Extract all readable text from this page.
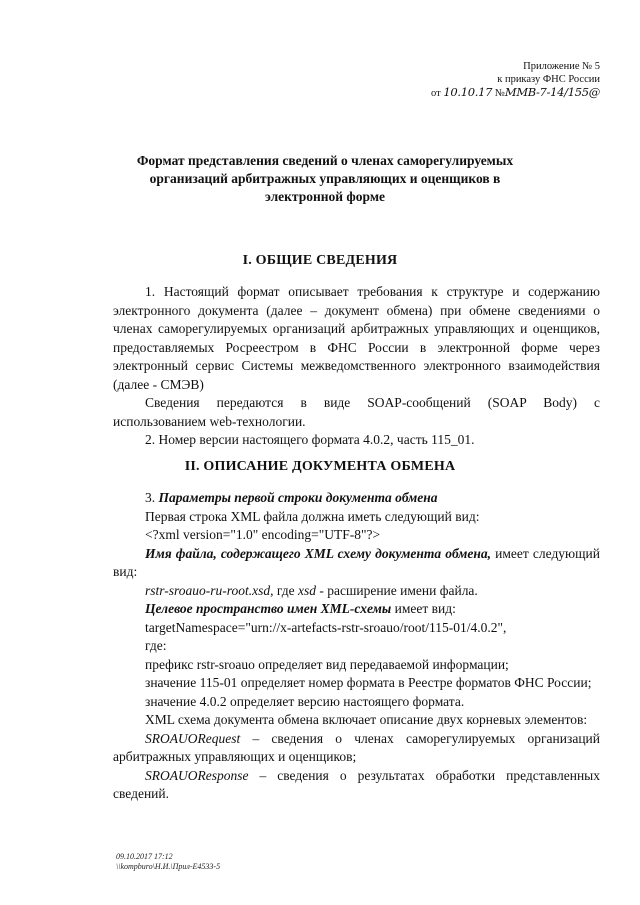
Приложение № 5
к приказу ФНС России
от 10.10.17 №ММВ-7-14/155@
Формат представления сведений о членах саморегулируемых
организаций арбитражных управляющих и оценщиков в
электронной форме
I. ОБЩИЕ СВЕДЕНИЯ

1. Настоящий формат описывает требования к структуре и содержанию электронного документа (далее – документ обмена) при обмене сведениями о членах саморегулируемых организаций арбитражных управляющих и оценщиков, предоставляемых Росреестром в ФНС России в электронной форме через электронный сервис Системы межведомственного электронного взаимодействия (далее - СМЭВ)

Сведения передаются в виде SOAP-сообщений (SOAP Body) с использованием web-технологии.

2. Номер версии настоящего формата 4.0.2, часть 115_01.

II. ОПИСАНИЕ ДОКУМЕНТА ОБМЕНА

3. Параметры первой строки документа обмена

Первая строка XML файла должна иметь следующий вид:

<?xml version="1.0" encoding="UTF-8"?>

Имя файла, содержащего XML схему документа обмена, имеет следующий вид:

rstr-sroauo-ru-root.xsd, где xsd - расширение имени файла.

Целевое пространство имен XML-схемы имеет вид:

targetNamespace="urn://x-artefacts-rstr-sroauo/root/115-01/4.0.2",

где:

префикс rstr-sroauo определяет вид передаваемой информации;

значение 115-01 определяет номер формата в Реестре форматов ФНС России;

значение 4.0.2 определяет версию настоящего формата.

XML схема документа обмена включает описание двух корневых элементов:

SROAUORequest – сведения о членах саморегулируемых организаций арбитражных управляющих и оценщиков;

SROAUOResponse – сведения о результатах обработки представленных сведений.

09.10.2017 17:12
\\kompburo\Н.И.\Прил-Е4533-5
